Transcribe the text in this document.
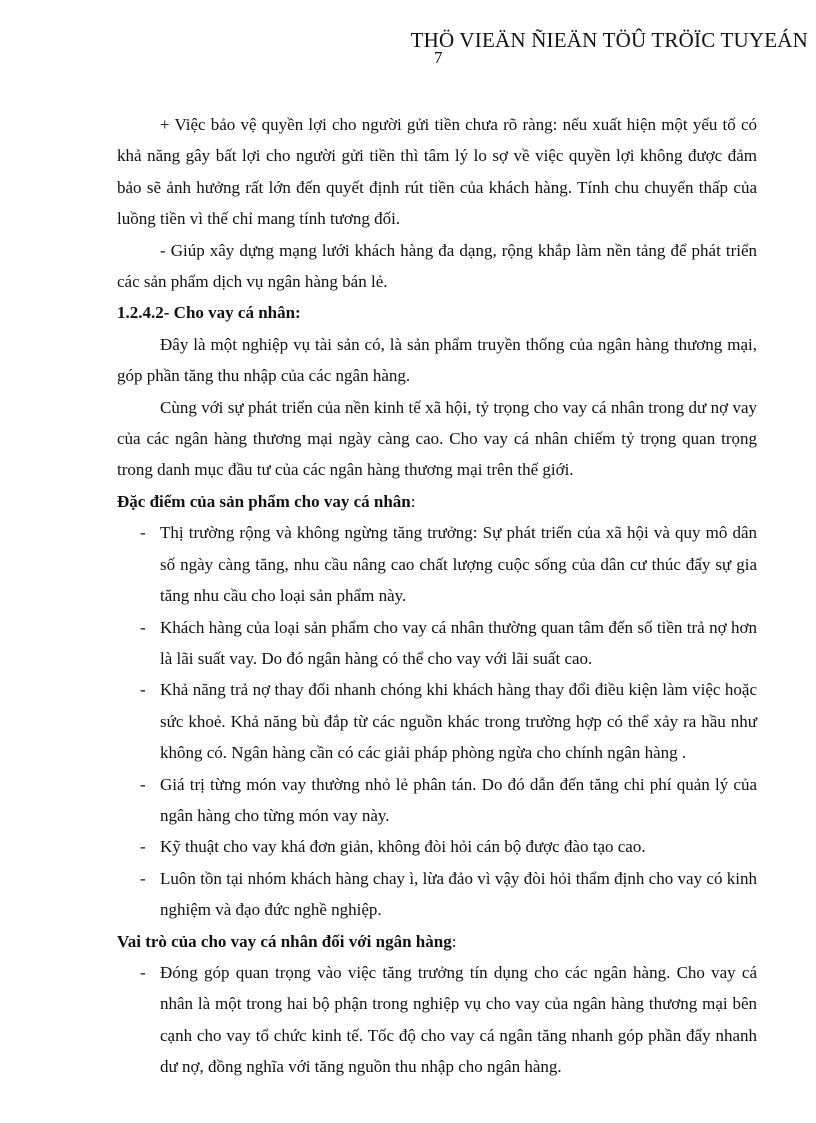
THÖ VIEÄN ÑIEÄN TÖÛ TRÖÏC TUYEÁN
7

+ Việc bảo vệ quyền lợi cho người gửi tiền chưa rõ ràng: nếu xuất hiện một yếu tố có khả năng gây bất lợi cho người gửi tiền thì tâm lý lo sợ về việc quyền lợi không được đảm bảo sẽ ảnh hưởng rất lớn đến quyết định rút tiền của khách hàng. Tính chu chuyển thấp của luồng tiền vì thế chỉ mang tính tương đối.

- Giúp xây dựng mạng lưới khách hàng đa dạng, rộng khắp làm nền tảng để phát triển các sản phẩm dịch vụ ngân hàng bán lẻ.

1.2.4.2- Cho vay cá nhân:

Đây là một nghiệp vụ tài sản có, là sản phẩm truyền thống của ngân hàng thương mại, góp phần tăng thu nhập của các ngân hàng.

Cùng với sự phát triển của nền kinh tế xã hội, tỷ trọng cho vay cá nhân trong dư nợ vay của các ngân hàng thương mại ngày càng cao. Cho vay cá nhân chiếm tỷ trọng quan trọng trong danh mục đầu tư của các ngân hàng thương mại trên thế giới.

Đặc điểm của sản phẩm cho vay cá nhân:

- Thị trường rộng và không ngừng tăng trưởng: Sự phát triển của xã hội và quy mô dân số ngày càng tăng, nhu cầu nâng cao chất lượng cuộc sống của dân cư thúc đẩy sự gia tăng nhu cầu cho loại sản phẩm này.
- Khách hàng của loại sản phẩm cho vay cá nhân thường quan tâm đến số tiền trả nợ hơn là lãi suất vay. Do đó ngân hàng có thể cho vay với lãi suất cao.
- Khả năng trả nợ thay đổi nhanh chóng khi khách hàng thay đổi điều kiện làm việc hoặc sức khoẻ. Khả năng bù đắp từ các nguồn khác trong trường hợp có thể xảy ra hầu như không có. Ngân hàng cần có các giải pháp phòng ngừa cho chính ngân hàng .
- Giá trị từng món vay thường nhỏ lẻ phân tán. Do đó dẫn đến tăng chi phí quản lý của ngân hàng cho từng món vay này.
- Kỹ thuật cho vay khá đơn giản, không đòi hỏi cán bộ được đào tạo cao.
- Luôn tồn tại nhóm khách hàng chay ì, lừa đảo vì vậy đòi hỏi thẩm định cho vay có kinh nghiệm và đạo đức nghề nghiệp.

Vai trò của cho vay cá nhân đối với ngân hàng:

- Đóng góp quan trọng vào việc tăng trưởng tín dụng cho các ngân hàng. Cho vay cá nhân là một trong hai bộ phận trong nghiệp vụ cho vay của ngân hàng thương mại bên cạnh cho vay tổ chức kinh tế. Tốc độ cho vay cá ngân tăng nhanh góp phần đẩy nhanh dư nợ, đồng nghĩa với tăng nguồn thu nhập cho ngân hàng.
